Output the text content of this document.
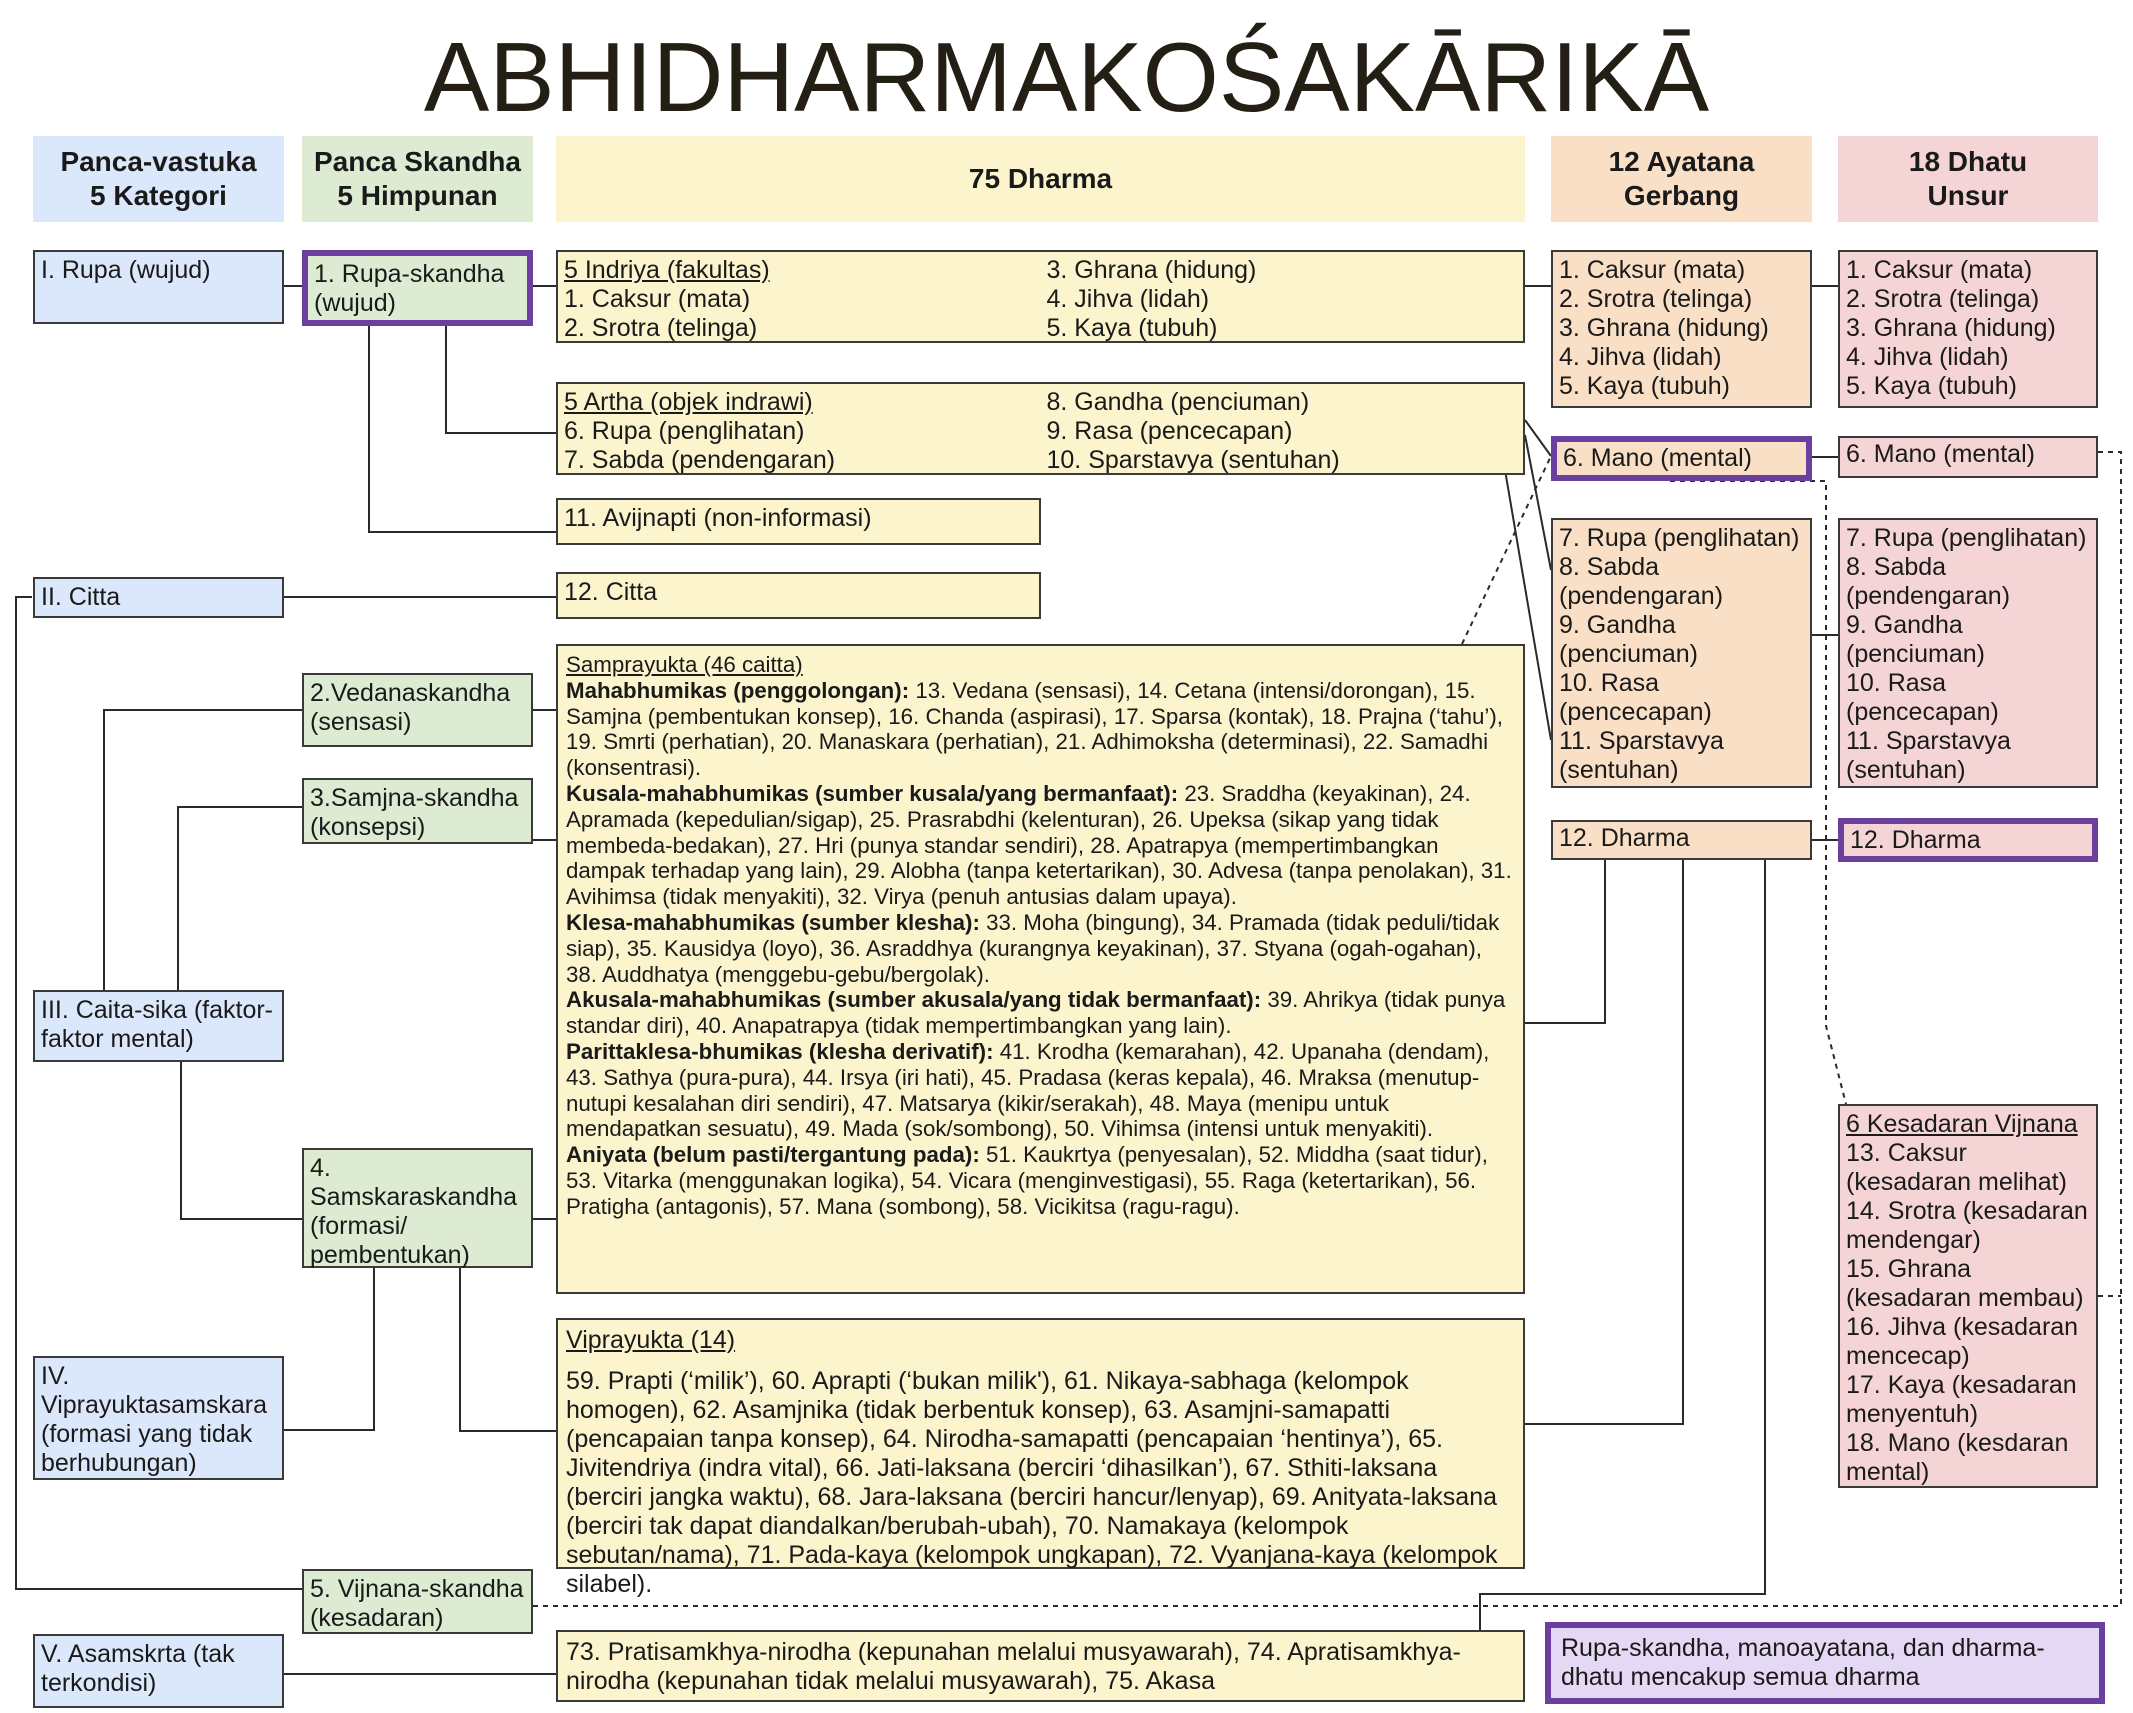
ABHIDHARMAKOŚAKĀRIKĀ
Panca-vastuka
5 Kategori
Panca Skandha
5 Himpunan
75 Dharma
12 Ayatana
Gerbang
18 Dhatu
Unsur
I. Rupa (wujud)
II. Citta
III. Caita-sika (faktor-faktor mental)
IV. Viprayuktasamskara (formasi yang tidak berhubungan)
V. Asamskrta (tak terkondisi)
1. Rupa-skandha (wujud)
2.Vedanaskandha (sensasi)
3.Samjna-skandha (konsepsi)
4. Samskaraskandha (formasi/ pembentukan)
5. Vijnana-skandha (kesadaran)

5 Indriya (fakultas)

1. Caksur (mata)

2. Srotra (telinga)

3. Ghrana (hidung)

4. Jihva (lidah)

5. Kaya (tubuh)

5 Artha (objek indrawi)

6. Rupa (penglihatan)

7. Sabda (pendengaran)

8. Gandha (penciuman)

9. Rasa (pencecapan)

10. Sparstavya (sentuhan)

11. Avijnapti (non-informasi)
12. Citta

Samprayukta (46 caitta)

Mahabhumikas (penggolongan): 13. Vedana (sensasi), 14. Cetana (intensi/dorongan), 15. Samjna (pembentukan konsep), 16. Chanda (aspirasi), 17. Sparsa (kontak), 18. Prajna (‘tahu’), 19. Smrti (perhatian), 20. Manaskara (perhatian), 21. Adhimoksha (determinasi), 22. Samadhi (konsentrasi).

Kusala-mahabhumikas (sumber kusala/yang bermanfaat): 23. Sraddha (keyakinan), 24. Apramada (kepedulian/sigap), 25. Prasrabdhi (kelenturan), 26. Upeksa (sikap yang tidak membeda-bedakan), 27. Hri (punya standar sendiri), 28. Apatrapya (mempertimbangkan dampak terhadap yang lain), 29. Alobha (tanpa ketertarikan), 30. Advesa (tanpa penolakan), 31. Avihimsa (tidak menyakiti), 32. Virya (penuh antusias dalam upaya).

Klesa-mahabhumikas (sumber klesha): 33. Moha (bingung), 34. Pramada (tidak peduli/tidak siap), 35. Kausidya (loyo), 36. Asraddhya (kurangnya keyakinan), 37. Styana (ogah-ogahan), 38. Auddhatya (menggebu-gebu/bergolak).

Akusala-mahabhumikas (sumber akusala/yang tidak bermanfaat): 39. Ahrikya (tidak punya standar diri), 40. Anapatrapya (tidak mempertimbangkan yang lain).

Parittaklesa-bhumikas (klesha derivatif): 41. Krodha (kemarahan), 42. Upanaha (dendam), 43. Sathya (pura-pura), 44. Irsya (iri hati), 45. Pradasa (keras kepala), 46. Mraksa (menutup-nutupi kesalahan diri sendiri), 47. Matsarya (kikir/serakah), 48. Maya (menipu untuk mendapatkan sesuatu), 49. Mada (sok/sombong), 50. Vihimsa (intensi untuk menyakiti).

Aniyata (belum pasti/tergantung pada): 51. Kaukrtya (penyesalan), 52. Middha (saat tidur), 53. Vitarka (menggunakan logika), 54. Vicara (menginvestigasi), 55. Raga (ketertarikan), 56. Pratigha (antagonis), 57. Mana (sombong), 58. Vicikitsa (ragu-ragu).

Viprayukta (14)

59. Prapti (‘milik’), 60. Aprapti (‘bukan milik'), 61. Nikaya-sabhaga (kelompok homogen), 62. Asamjnika (tidak berbentuk konsep), 63. Asamjni-samapatti (pencapaian tanpa konsep), 64. Nirodha-samapatti (pencapaian ‘hentinya’), 65. Jivitendriya (indra vital), 66. Jati-laksana (berciri ‘dihasilkan’), 67. Sthiti-laksana (berciri jangka waktu), 68. Jara-laksana (berciri hancur/lenyap), 69. Anityata-laksana (berciri tak dapat diandalkan/berubah-ubah), 70. Namakaya (kelompok sebutan/nama), 71. Pada-kaya (kelompok ungkapan), 72. Vyanjana-kaya (kelompok silabel).

73. Pratisamkhya-nirodha (kepunahan melalui musyawarah), 74. Apratisamkhya-nirodha (kepunahan tidak melalui musyawarah), 75. Akasa

1. Caksur (mata)

2. Srotra (telinga)

3. Ghrana (hidung)

4. Jihva (lidah)

5. Kaya (tubuh)

6. Mano (mental)

7. Rupa (penglihatan)

8. Sabda (pendengaran)

9. Gandha (penciuman)

10. Rasa (pencecapan)

11. Sparstavya (sentuhan)

12. Dharma

1. Caksur (mata)

2. Srotra (telinga)

3. Ghrana (hidung)

4. Jihva (lidah)

5. Kaya (tubuh)

6. Mano (mental)

7. Rupa (penglihatan)

8. Sabda (pendengaran)

9. Gandha (penciuman)

10. Rasa (pencecapan)

11. Sparstavya (sentuhan)

12. Dharma

6 Kesadaran Vijnana

13. Caksur (kesadaran melihat)

14. Srotra (kesadaran mendengar)

15. Ghrana (kesadaran membau)

16. Jihva (kesadaran mencecap)

17. Kaya (kesadaran menyentuh)

18. Mano (kesdaran mental)

Rupa-skandha, manoayatana, dan dharma-dhatu mencakup semua dharma
